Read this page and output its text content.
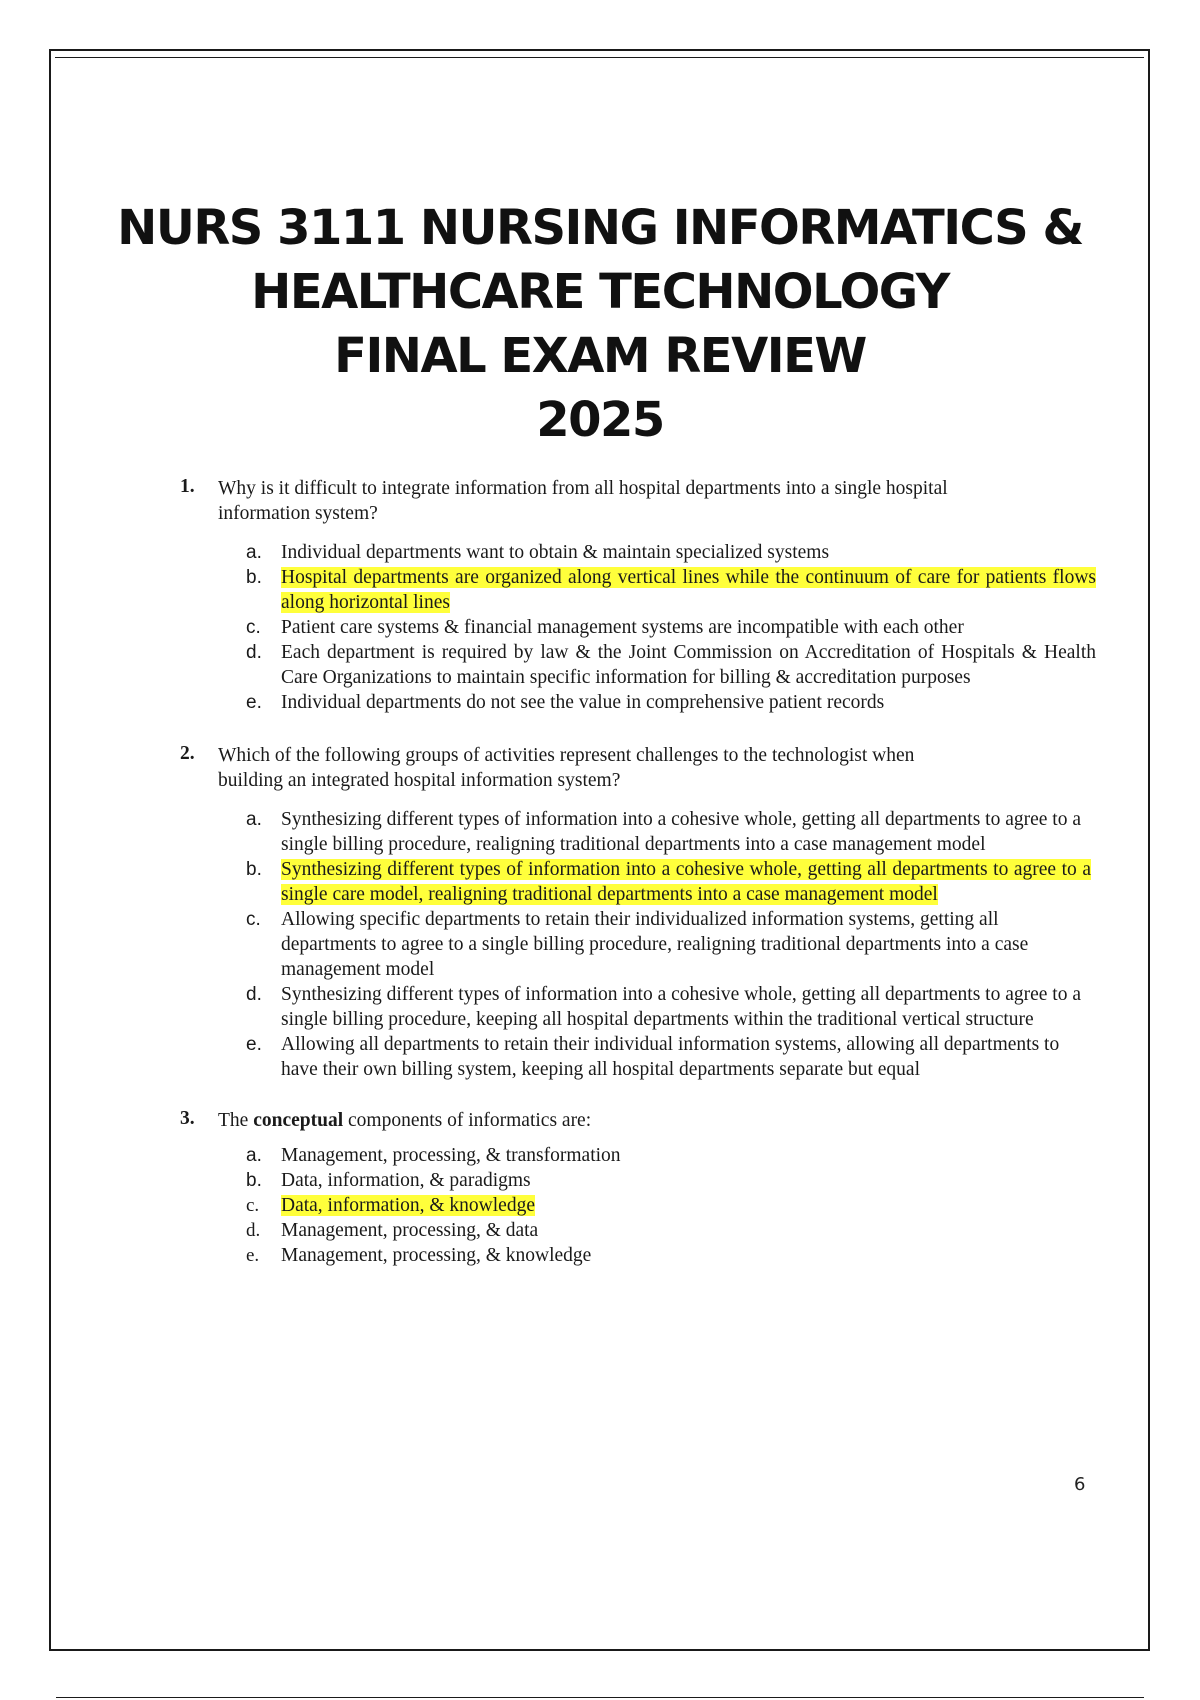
NURS 3111 NURSING INFORMATICS &
HEALTHCARE TECHNOLOGY
FINAL EXAM REVIEW
2025
1. Why is it difficult to integrate information from all hospital departments into a single hospital information system?
a. Individual departments want to obtain & maintain specialized systems
b. Hospital departments are organized along vertical lines while the continuum of care for patients flows along horizontal lines
c. Patient care systems & financial management systems are incompatible with each other
d. Each department is required by law & the Joint Commission on Accreditation of Hospitals & Health Care Organizations to maintain specific information for billing & accreditation purposes
e. Individual departments do not see the value in comprehensive patient records
2. Which of the following groups of activities represent challenges to the technologist when building an integrated hospital information system?
a. Synthesizing different types of information into a cohesive whole, getting all departments to agree to a single billing procedure, realigning traditional departments into a case management model
b. Synthesizing different types of information into a cohesive whole, getting all departments to agree to a single care model, realigning traditional departments into a case management model
c. Allowing specific departments to retain their individualized information systems, getting all departments to agree to a single billing procedure, realigning traditional departments into a case management model
d. Synthesizing different types of information into a cohesive whole, getting all departments to agree to a single billing procedure, keeping all hospital departments within the traditional vertical structure
e. Allowing all departments to retain their individual information systems, allowing all departments to have their own billing system, keeping all hospital departments separate but equal
3. The conceptual components of informatics are:
a. Management, processing, & transformation
b. Data, information, & paradigms
c. Data, information, & knowledge
d. Management, processing, & data
e. Management, processing, & knowledge
6
